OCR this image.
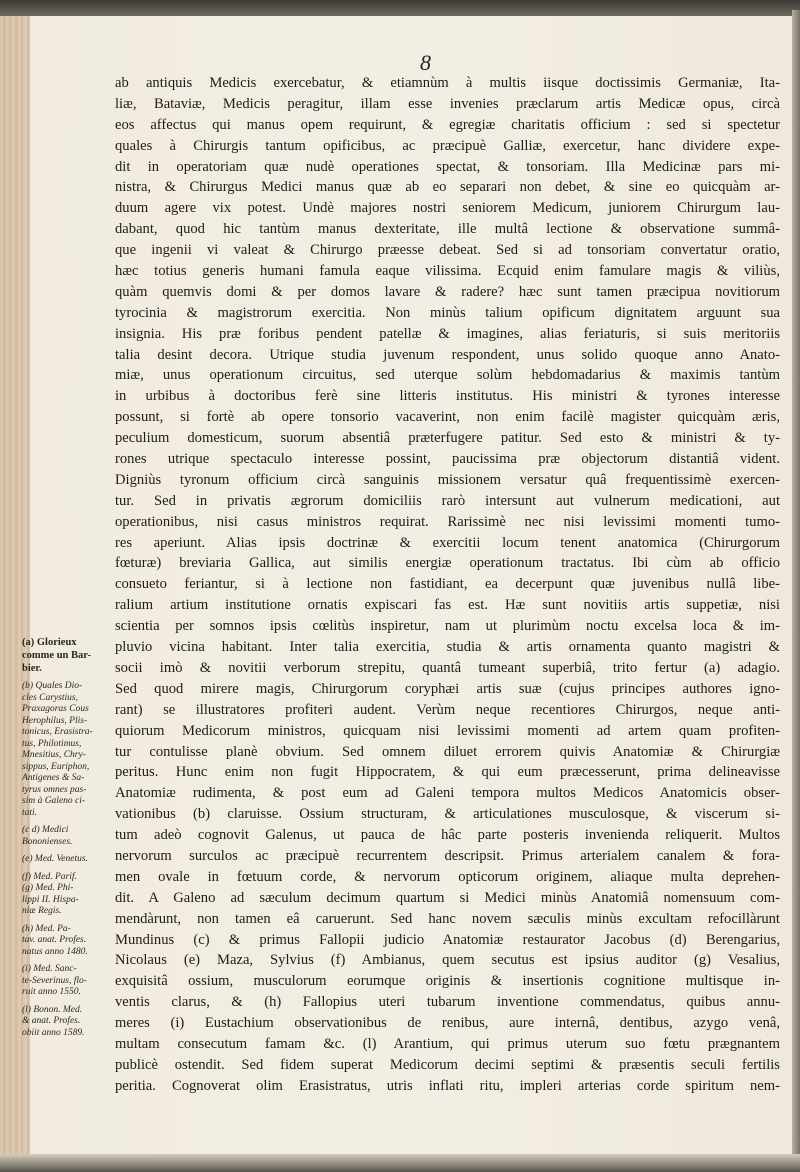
8
ab antiquis Medicis exercebatur, & etiamnùm à multis iisque doctissimis Germaniæ, Ita-
liæ, Bataviæ, Medicis peragitur, illam esse invenies præclarum artis Medicæ opus, circà
eos affectus qui manus opem requirunt, & egregiæ charitatis officium : sed si spectetur
quales à Chirurgis tantum opificibus, ac præcipuè Galliæ, exercetur, hanc dividere expe-
dit in operatoriam quæ nudè operationes spectat, & tonsoriam. Illa Medicinæ pars mi-
nistra, & Chirurgus Medici manus quæ ab eo separari non debet, & sine eo quicquàm ar-
duum agere vix potest. Undè majores nostri seniorem Medicum, juniorem Chirurgum lau-
dabant, quod hic tantùm manus dexteritate, ille multâ lectione & observatione summâ-
que ingenii vi valeat & Chirurgo præesse debeat. Sed si ad tonsoriam convertatur oratio,
hæc totius generis humani famula eaque vilissima. Ecquid enim famulare magis & viliùs,
quàm quemvis domi & per domos lavare & radere? hæc sunt tamen præcipua novitiorum
tyrocinia & magistrorum exercitia. Non minùs talium opificum dignitatem arguunt sua
insignia. His præ foribus pendent patellæ & imagines, alias feriaturis, si suis meritoriis
talia desint decora. Utrique studia juvenum respondent, unus solido quoque anno Anato-
miæ, unus operationum circuitus, sed uterque solùm hebdomadarius & maximis tantùm
in urbibus à doctoribus ferè sine litteris institutus. His ministri & tyrones interesse
possunt, si fortè ab opere tonsorio vacaverint, non enim facilè magister quicquàm æris,
peculium domesticum, suorum absentiâ præterfugere patitur. Sed esto & ministri & ty-
rones utrique spectaculo interesse possint, paucissima præ objectorum distantiâ vident.
Digniùs tyronum officium circà sanguinis missionem versatur quâ frequentissimè exercen-
tur. Sed in privatis ægrorum domiciliis rarò intersunt aut vulnerum medicationi, aut
operationibus, nisi casus ministros requirat. Rarissimè nec nisi levissimi momenti tumo-
res aperiunt. Alias ipsis doctrinæ & exercitii locum tenent anatomica (Chirurgorum
fœturæ) breviaria Gallica, aut similis energiæ operationum tractatus. Ibi cùm ab officio
consueto feriantur, si à lectione non fastidiant, ea decerpunt quæ juvenibus nullâ libe-
ralium artium institutione ornatis expiscari fas est. Hæ sunt novitiis artis suppetiæ, nisi
scientia per somnos ipsis cœlitùs inspiretur, nam ut plurimùm noctu excelsa loca & im-
pluvio vicina habitant. Inter talia exercitia, studia & artis ornamenta quanto magistri &
socii imò & novitii verborum strepitu, quantâ tumeant superbiâ, trito fertur (a) adagio.
Sed quod mirere magis, Chirurgorum coryphæi artis suæ (cujus principes authores igno-
rant) se illustratores profiteri audent. Verùm neque recentiores Chirurgos, neque anti-
quiorum Medicorum ministros, quicquam nisi levissimi momenti ad artem quam profiten-
tur contulisse planè obvium. Sed omnem diluet errorem quivis Anatomiæ & Chirurgiæ
peritus. Hunc enim non fugit Hippocratem, & qui eum præcesserunt, prima delineavisse
Anatomiæ rudimenta, & post eum ad Galeni tempora multos Medicos Anatomicis obser-
vationibus (b) claruisse. Ossium structuram, & articulationes musculosque, & viscerum si-
tum adeò cognovit Galenus, ut pauca de hâc parte posteris invenienda reliquerit. Multos
nervorum surculos ac præcipuè recurrentem descripsit. Primus arterialem canalem & fora-
men ovale in fœtuum corde, & nervorum opticorum originem, aliaque multa deprehen-
dit. A Galeno ad sæculum decimum quartum si Medici minùs Anatomiâ nomensuum com-
mendàrunt, non tamen eâ caruerunt. Sed hanc novem sæculis minùs excultam refocillàrunt
Mundinus (c) & primus Fallopii judicio Anatomiæ restaurator Jacobus (d) Berengarius,
Nicolaus (e) Maza, Sylvius (f) Ambianus, quem secutus est ipsius auditor (g) Vesalius,
exquisitâ ossium, musculorum eorumque originis & insertionis cognitione multisque in-
ventis clarus, & (h) Fallopius uteri tubarum inventione commendatus, quibus annu-
meres (i) Eustachium observationibus de renibus, aure internâ, dentibus, azygo venâ,
multam consecutum famam &c. (l) Arantium, qui primus uterum suo fœtu prægnantem
publicè ostendit. Sed fidem superat Medicorum decimi septimi & præsentis seculi fertilis
peritia. Cognoverat olim Erasistratus, utris inflati ritu, impleri arterias corde spiritum nem-
(a) Glorieux
comme un Bar-
bier.
(b) Quales Dio-
cles Carystius,
Praxagoras Cous
Herophilus, Plis-
tonicus, Erasistra-
tus, Philotimus,
Mnesitius, Chry-
sippus, Euriphon,
Antigenes & Sa-
tyrus omnes pas-
sim à Galeno ci-
tati.
(c d) Medici
Bononienses.
(e) Med. Venetus.
(f) Med. Parif.
(g) Med. Phi-
lippi II. Hispa-
niæ Regis.
(h) Med. Pa-
tav. anat. Profes.
natus anno 1480.
(i) Med. Sanc-
te-Severinus, flo-
ruit anno 1550.
(l) Bonon. Med.
& anat. Profes.
obiit anno 1589.
